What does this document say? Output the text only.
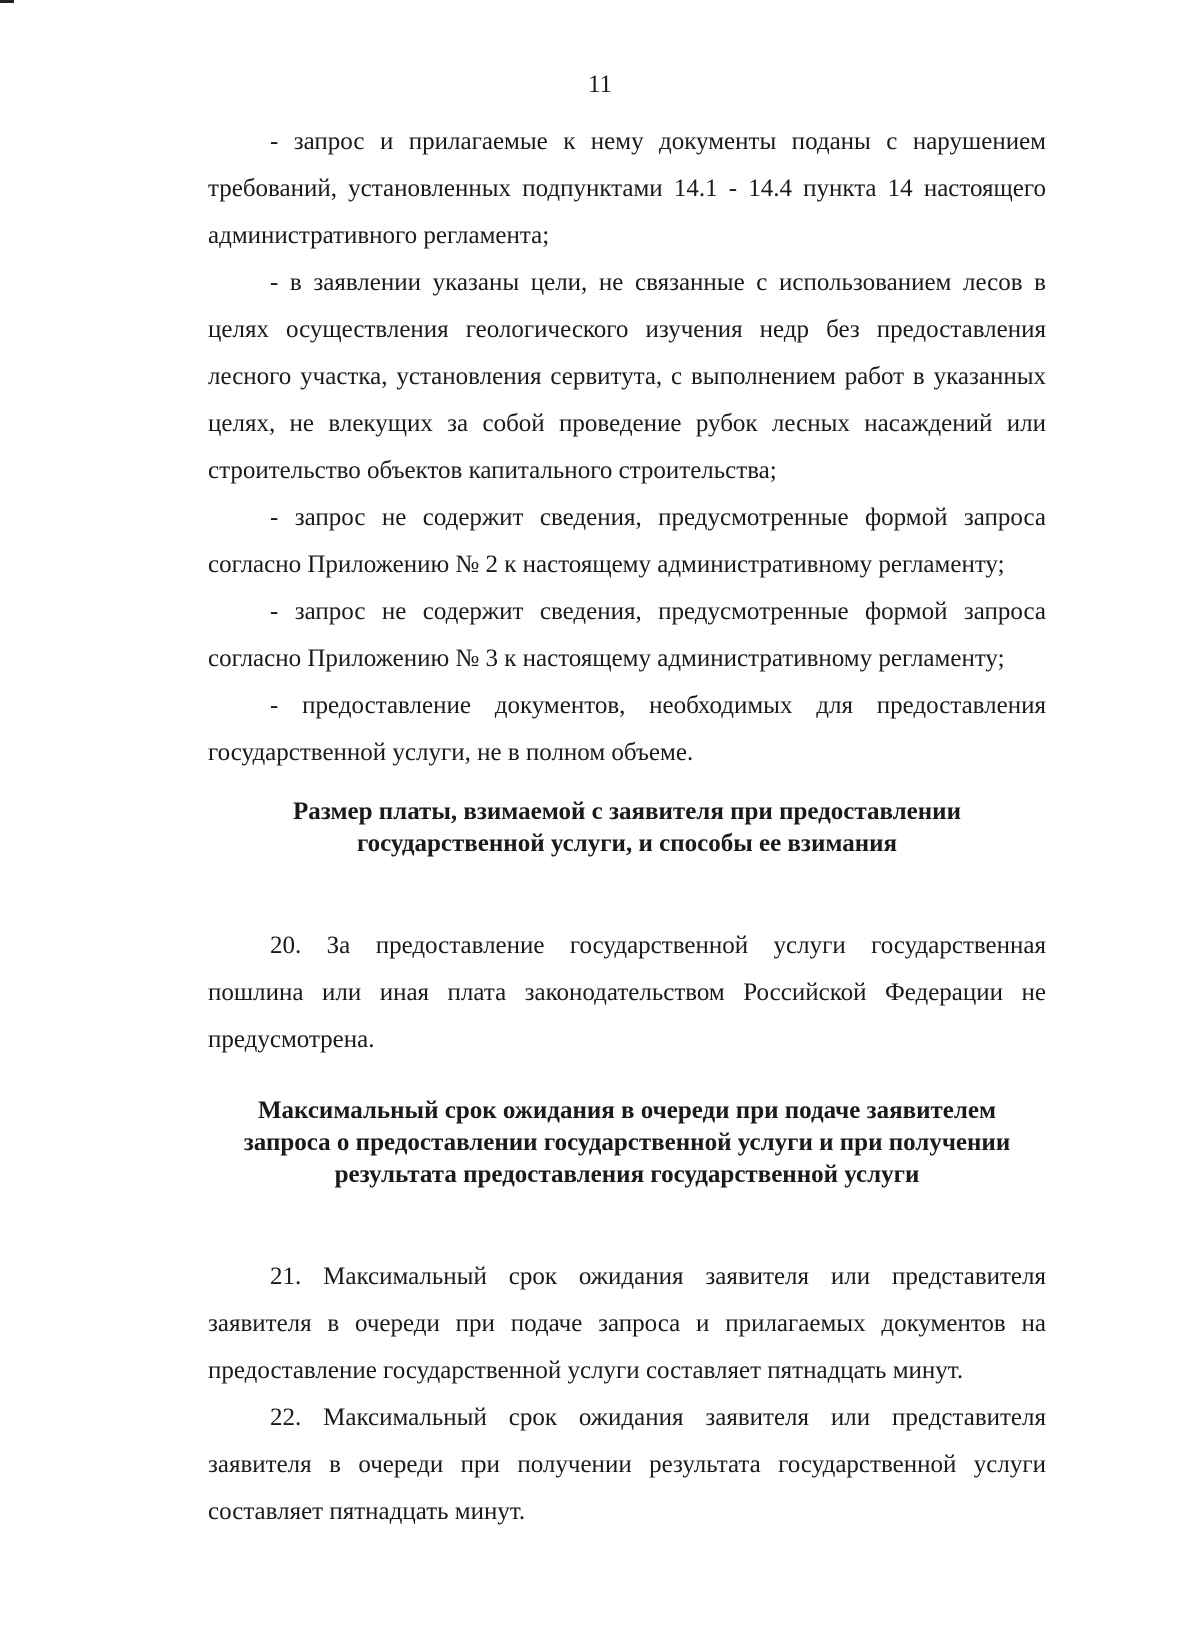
11

- запрос и прилагаемые к нему документы поданы с нарушением требований, установленных подпунктами 14.1 - 14.4 пункта 14 настоящего административного регламента;

- в заявлении указаны цели, не связанные с использованием лесов в целях осуществления геологического изучения недр без предоставления лесного участка, установления сервитута, с выполнением работ в указанных целях, не влекущих за собой проведение рубок лесных насаждений или строительство объектов капитального строительства;

- запрос не содержит сведения, предусмотренные формой запроса согласно Приложению № 2 к настоящему административному регламенту;

- запрос не содержит сведения, предусмотренные формой запроса согласно Приложению № 3 к настоящему административному регламенту;

- предоставление документов, необходимых для предоставления государственной услуги, не в полном объеме.

Размер платы, взимаемой с заявителя при предоставлении
государственной услуги, и способы ее взимания

20. За предоставление государственной услуги государственная пошлина или иная плата законодательством Российской Федерации не предусмотрена.

Максимальный срок ожидания в очереди при подаче заявителем
запроса о предоставлении государственной услуги и при получении
результата предоставления государственной услуги

21. Максимальный срок ожидания заявителя или представителя заявителя в очереди при подаче запроса и прилагаемых документов на предоставление государственной услуги составляет пятнадцать минут.

22. Максимальный срок ожидания заявителя или представителя заявителя в очереди при получении результата государственной услуги составляет пятнадцать минут.
